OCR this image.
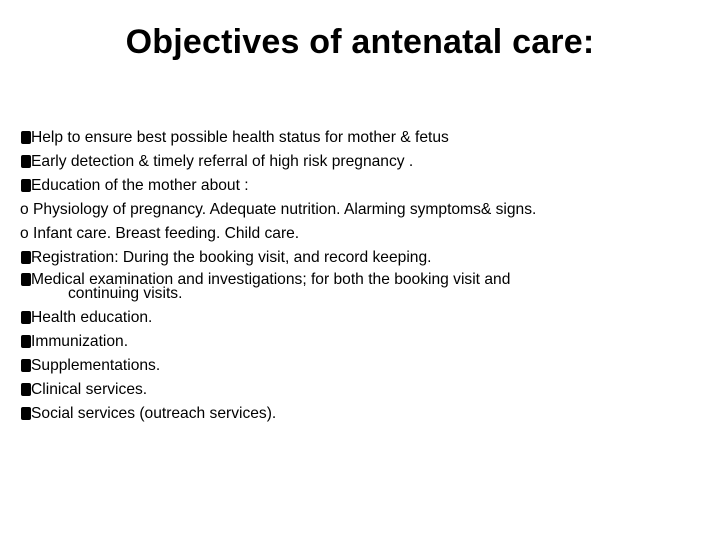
Objectives of antenatal care:
Help to ensure best possible health status for mother & fetus
Early detection & timely referral of high risk pregnancy .
Education of the mother about :
o Physiology of pregnancy. Adequate nutrition. Alarming symptoms& signs.
o Infant care. Breast feeding. Child care.
Registration: During the booking visit, and record keeping.
Medical examination and investigations; for both the booking visit and
continuing visits.
Health education.
Immunization.
Supplementations.
Clinical services.
Social services (outreach services).
